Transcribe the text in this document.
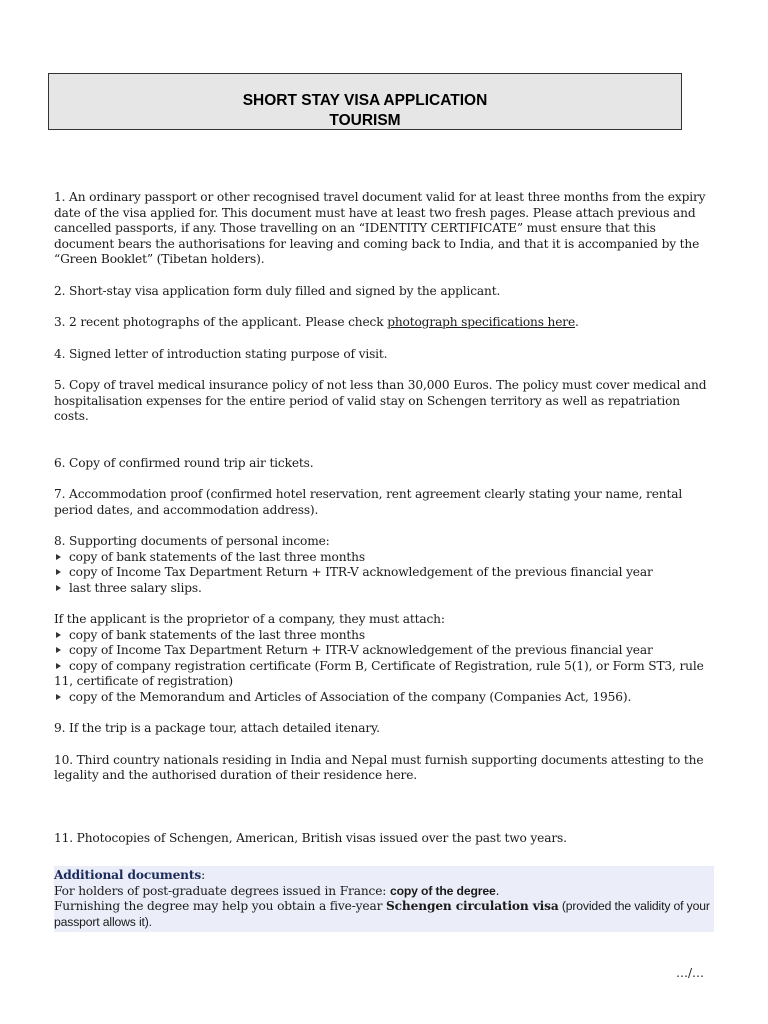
SHORT STAY VISA APPLICATION
TOURISM

1. An ordinary passport or other recognised travel document valid for at least three months from the expiry date of the visa applied for. This document must have at least two fresh pages. Please attach previous and cancelled passports, if any. Those travelling on an “IDENTITY CERTIFICATE” must ensure that this document bears the authorisations for leaving and coming back to India, and that it is accompanied by the “Green Booklet” (Tibetan holders).

2. Short-stay visa application form duly filled and signed by the applicant.

3. 2 recent photographs of the applicant. Please check photograph specifications here.

4. Signed letter of introduction stating purpose of visit.

5. Copy of travel medical insurance policy of not less than 30,000 Euros. The policy must cover medical and hospitalisation expenses for the entire period of valid stay on Schengen territory as well as repatriation costs.

6. Copy of confirmed round trip air tickets.

7. Accommodation proof (confirmed hotel reservation, rent agreement clearly stating your name, rental period dates, and accommodation address).

8. Supporting documents of personal income:
copy of bank statements of the last three months
copy of Income Tax Department Return + ITR-V acknowledgement of the previous financial year
last three salary slips.
If the applicant is the proprietor of a company, they must attach:
copy of bank statements of the last three months
copy of Income Tax Department Return + ITR-V acknowledgement of the previous financial year
copy of company registration certificate (Form B, Certificate of Registration, rule 5(1), or Form ST3, rule 11, certificate of registration)
copy of the Memorandum and Articles of Association of the company (Companies Act, 1956).

9. If the trip is a package tour, attach detailed itenary.

10. Third country nationals residing in India and Nepal must furnish supporting documents attesting to the legality and the authorised duration of their residence here.

11. Photocopies of Schengen, American, British visas issued over the past two years.

Additional documents:
For holders of post-graduate degrees issued in France: copy of the degree.
Furnishing the degree may help you obtain a five-year Schengen circulation visa (provided the validity of your passport allows it).
…/…
